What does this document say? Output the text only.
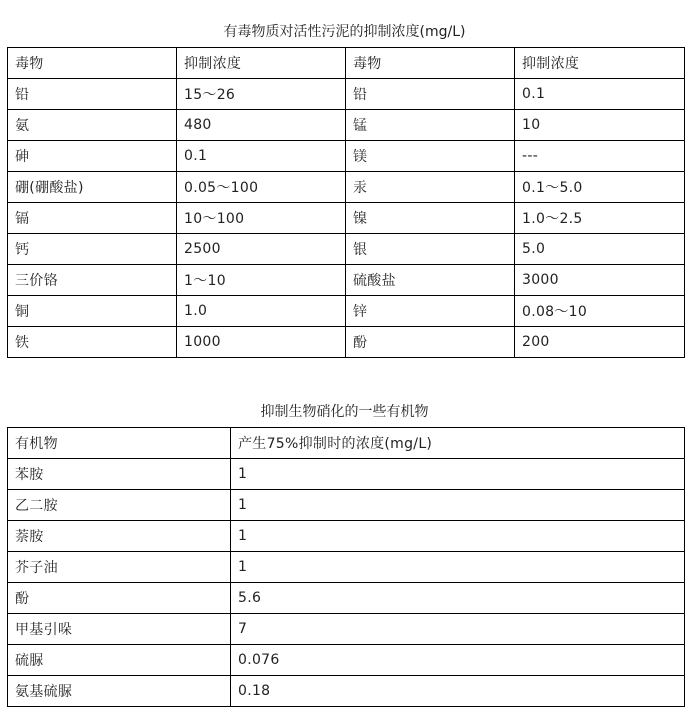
有毒物质对活性污泥的抑制浓度(mg/L)
毒物	抑制浓度	毒物	抑制浓度
铅	15～26	铅	0.1
氨	480	锰	10
砷	0.1	镁	---
硼(硼酸盐)	0.05～100	汞	0.1～5.0
镉	10～100	镍	1.0～2.5
钙	2500	银	5.0
三价铬	1～10	硫酸盐	3000
铜	1.0	锌	0.08～10
铁	1000	酚	200
抑制生物硝化的一些有机物
有机物	产生75%抑制时的浓度(mg/L)
苯胺	1
乙二胺	1
萘胺	1
芥子油	1
酚	5.6
甲基引哚	7
硫脲	0.076
氨基硫脲	0.18
